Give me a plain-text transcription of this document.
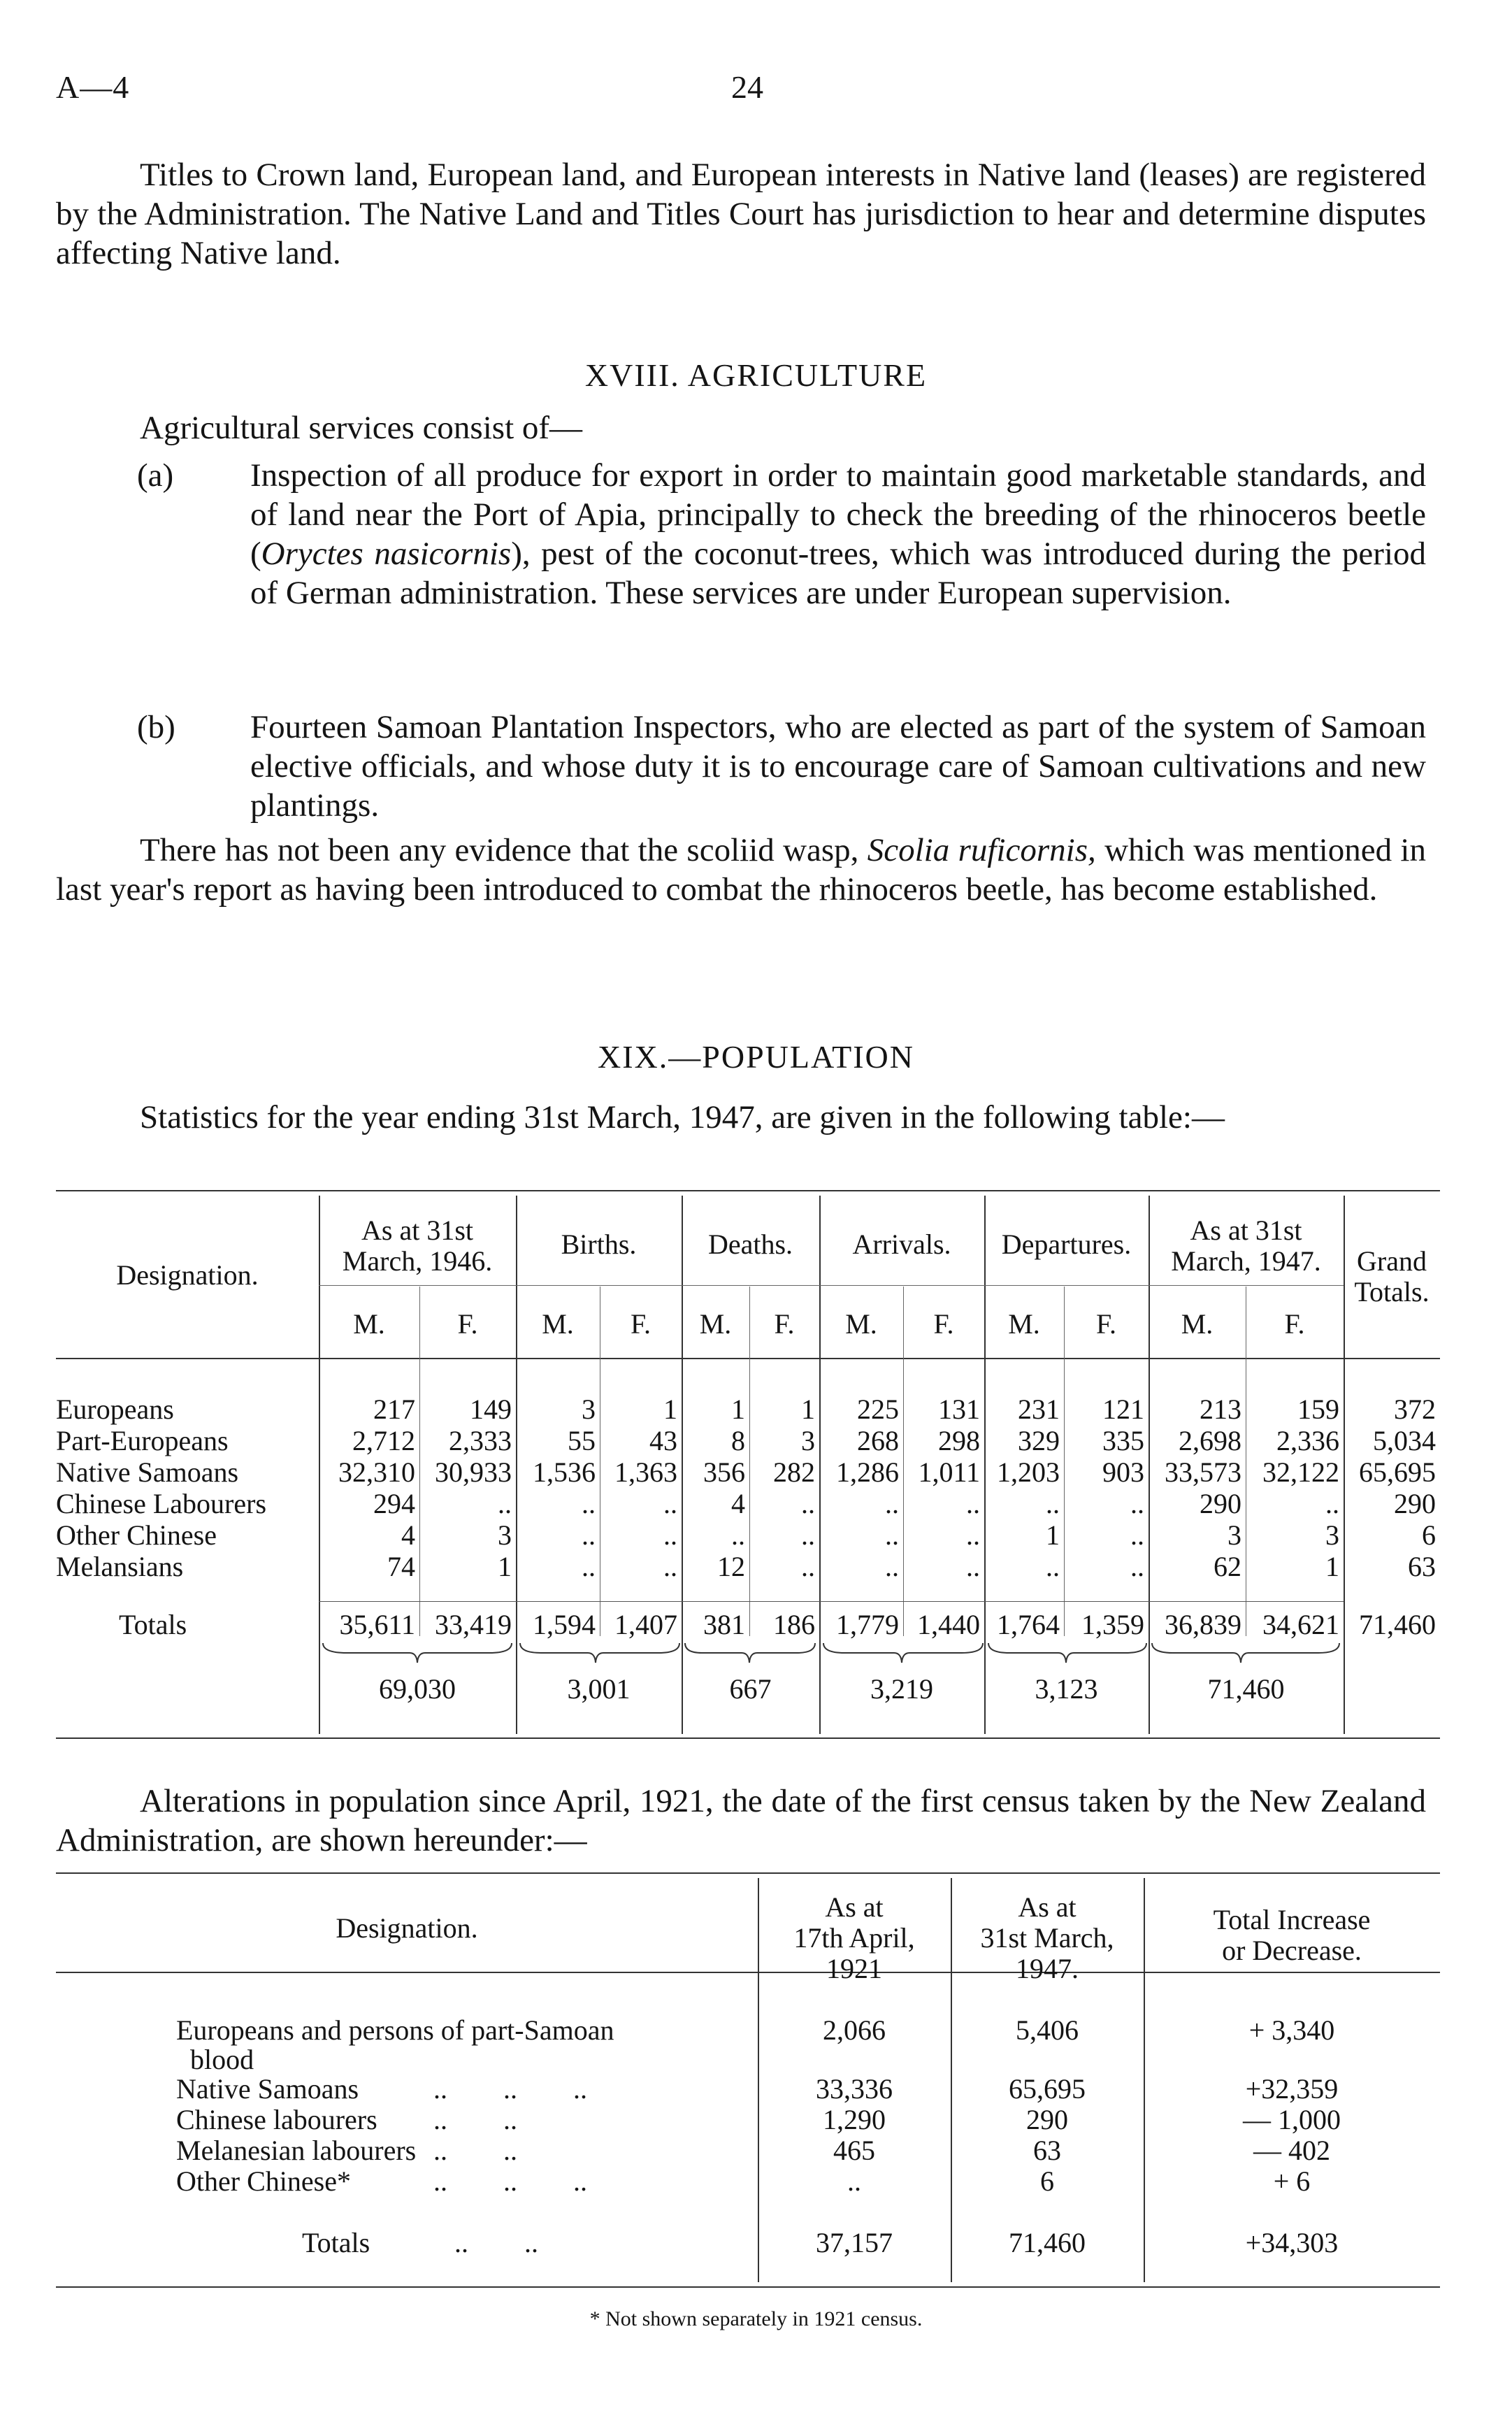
A—4	24
Titles to Crown land, European land, and European interests in Native land (leases) are registered by the Administration. The Native Land and Titles Court has jurisdiction to hear and determine disputes affecting Native land.
XVIII. AGRICULTURE
Agricultural services consist of—
(a) Inspection of all produce for export in order to maintain good marketable standards, and of land near the Port of Apia, principally to check the breeding of the rhinoceros beetle (Oryctes nasicornis), pest of the coconut-trees, which was introduced during the period of German administration. These services are under European supervision.
(b) Fourteen Samoan Plantation Inspectors, who are elected as part of the system of Samoan elective officials, and whose duty it is to encourage care of Samoan cultivations and new plantings.
There has not been any evidence that the scoliid wasp, Scolia ruficornis, which was mentioned in last year's report as having been introduced to combat the rhinoceros beetle, has become established.
XIX.—POPULATION
Statistics for the year ending 31st March, 1947, are given in the following table:—
Designation.
As at 31st
March, 1946.
Births.	Deaths.	Arrivals.	Departures.	As at 31st
March, 1947.	Grand
Totals.
M.	F.	M.	F.	M.	F.	M.	F.	M.	F.	M.	F.
Europeans	217	149	3	1	1	1	225	131	231	121	213	159	372
Part-Europeans	2,712	2,333	55	43	8	3	268	298	329	335	2,698	2,336	5,034
Native Samoans	32,310 30,933 1,536 1,363 356	282 1,286 1,011 1,203	903 33,573 32,122 65,695
Chinese Labourers	294	..	..	..	4	..	..	..	..	..	290	..	290
Other Chinese	4	3	..	..	..	..	..	..	1	..	3	3	6
Melansians	74	1	..	..	12	..	..	..	..	..	62	1	63
Totals	35,611 33,419 1,594 1,407 381	186 1,779 1,440 1,764 1,359 36,839 34,621 71,460
69,030	3,001	667	3,219	3,123	71,460
Alterations in population since April, 1921, the date of the first census taken by the New Zealand Administration, are shown hereunder:—
Designation.
As at
17th April,
1921
As at
31st March,
1947.
Total Increase
or Decrease.
Europeans and persons of part-Samoan
blood
2,066	5,406	+ 3,340
Native Samoans	..        ..        ..	33,336	65,695	+32,359
Chinese labourers ..        ..	1,290	290	— 1,000
Melanesian labourers ..        ..	465	63	— 402
Other Chinese*	..        ..        ..	..	6	+ 6
Totals	..        ..	37,157	71,460	+34,303
* Not shown separately in 1921 census.
